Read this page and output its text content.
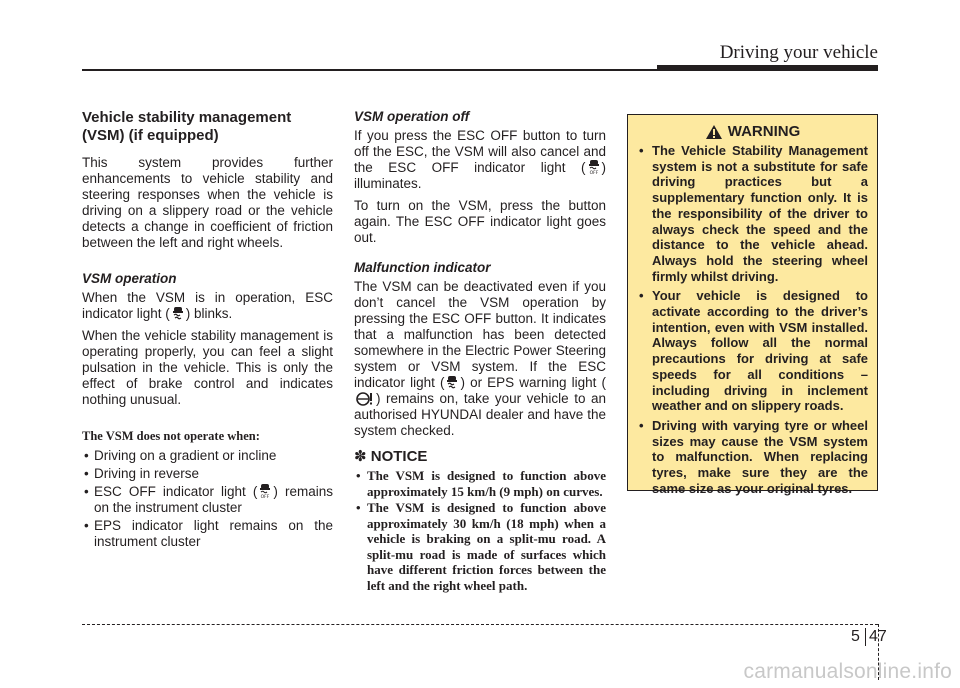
Driving your vehicle
Vehicle stability management (VSM) (if equipped)

This system provides further enhancements to vehicle stability and steering responses when the vehicle is driving on a slippery road or the vehicle detects a change in coefficient of friction between the left and right wheels.

VSM operation

When the VSM is in operation, ESC indicator light ( ) blinks.

When the vehicle stability management is operating properly, you can feel a slight pulsation in the vehicle. This is only the effect of brake control and indicates nothing unusual.

The VSM does not operate when:
• Driving on a gradient or incline
• Driving in reverse
• ESC OFF indicator light ( OFF ) remains on the instrument cluster
• EPS indicator light remains on the instrument cluster
VSM operation off

If you press the ESC OFF button to turn off the ESC, the VSM will also cancel and the ESC OFF indicator light ( OFF ) illuminates.

To turn on the VSM, press the button again. The ESC OFF indicator light goes out.

Malfunction indicator

The VSM can be deactivated even if you don’t cancel the VSM operation by pressing the ESC OFF button. It indicates that a malfunction has been detected somewhere in the Electric Power Steering system or VSM system. If the ESC indicator light ( ) or EPS warning light () remains on, take your vehicle to an authorised HYUNDAI dealer and have the system checked.

✽ NOTICE
• The VSM is designed to function above approximately 15 km/h (9 mph) on curves.
• The VSM is designed to function above approximately 30 km/h (18 mph) when a vehicle is braking on a split-mu road. A split-mu road is made of surfaces which have different friction forces between the left and the right wheel path.
WARNING
• The Vehicle Stability Management system is not a substitute for safe driving practices but a supplementary function only. It is the responsibility of the driver to always check the speed and the distance to the vehicle ahead. Always hold the steering wheel firmly whilst driving.
• Your vehicle is designed to activate according to the driver’s intention, even with VSM installed. Always follow all the normal precautions for driving at safe speeds for all conditions – including driving in inclement weather and on slippery roads.
• Driving with varying tyre or wheel sizes may cause the VSM system to malfunction. When replacing tyres, make sure they are the same size as your original tyres.
5 47
carmanualsonline.info
